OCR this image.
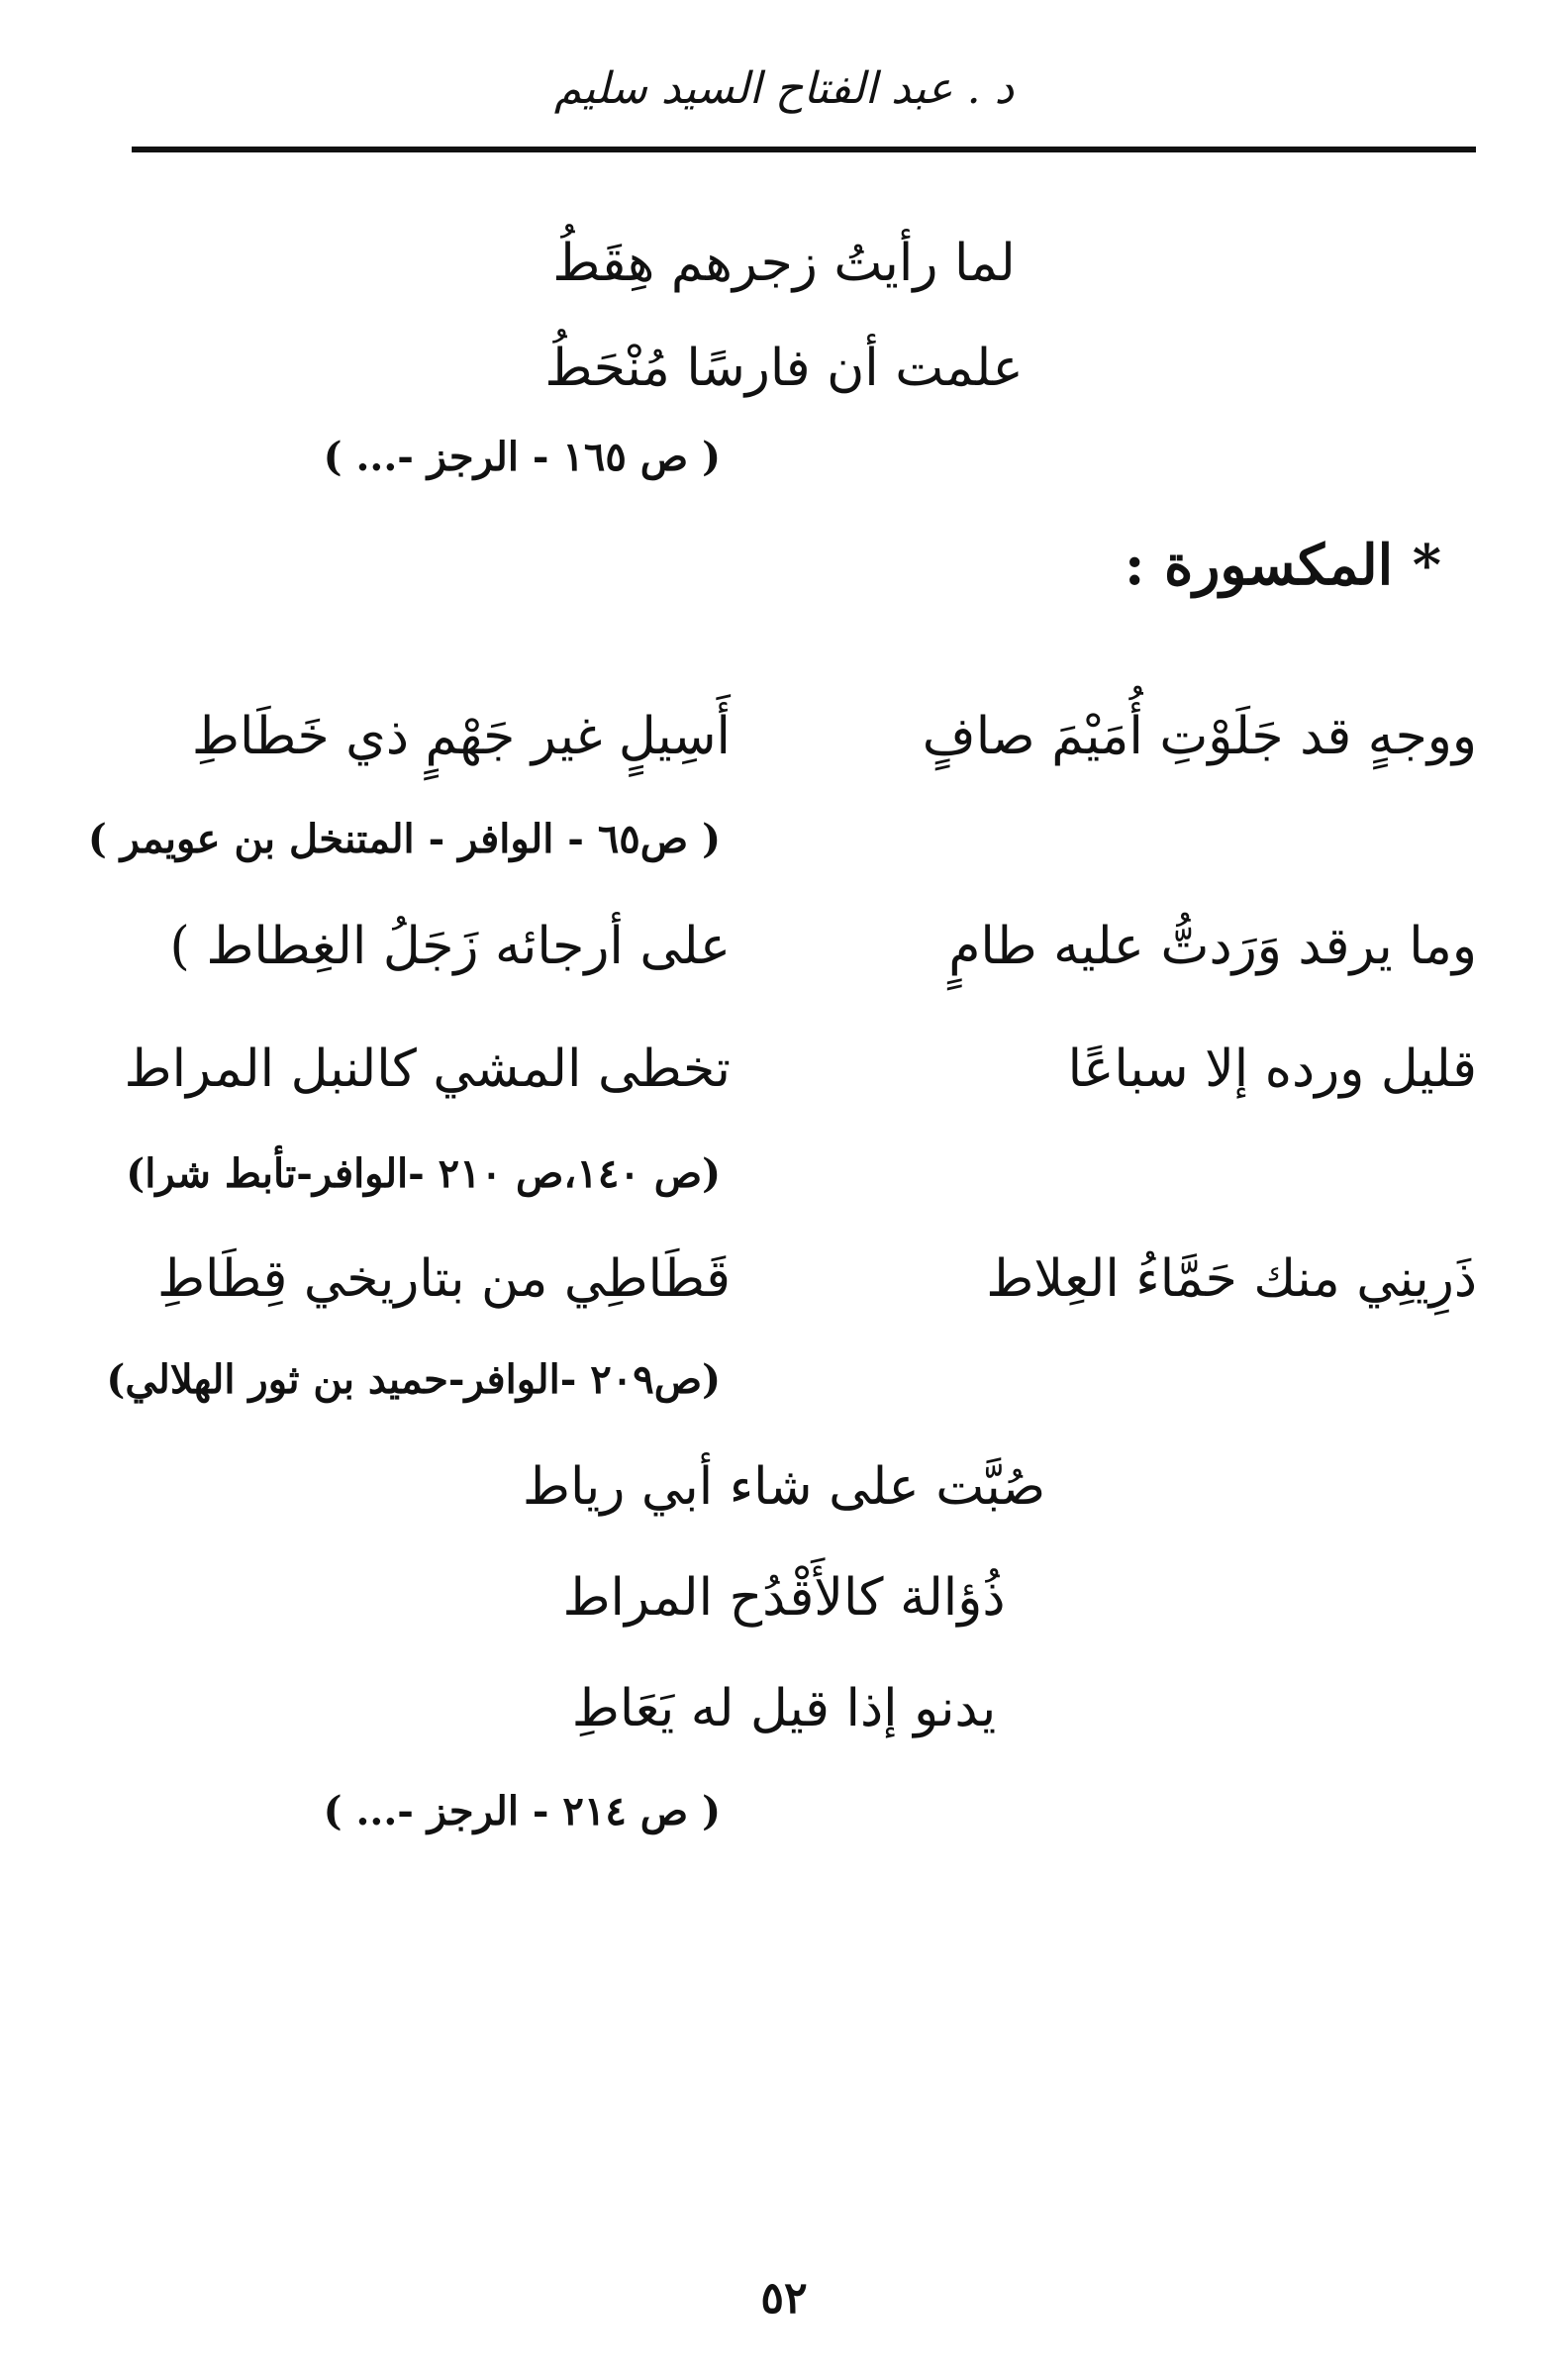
د . عبد الفتاح السيد سليم
لما رأيتُ زجرهم هِقَطُ
علمت أن فارسًا مُنْحَطُ
( ص ١٦٥ - الرجز -... )
* المكسورة :
ووجهٍ قد جَلَوْتِ أُمَيْمَ صافٍ
أَسِيلٍ غير جَهْمٍ ذي خَطَاطِ
( ص٦٥ - الوافر - المتنخل بن عويمر )
وما يرقد وَرَدتُّ عليه طامٍ
على أرجائه زَجَلُ الغِطاط )
قليل ورده إلا سباعًا
تخطى المشي كالنبل المراط
(ص ١٤٠،ص ٢١٠ -الوافر-تأبط شرا)
ذَرِينِي منك حَمَّاءُ العِلاط
قَطَاطِي من بتاريخي قِطَاطِ
(ص٢٠٩ -الوافر-حميد بن ثور الهلالي)
صُبَّت على شاء أبي رياط
ذُؤالة كالأَقْدُح المراط
يدنو إذا قيل له يَعَاطِ
( ص ٢١٤ - الرجز -... )
٥٢
